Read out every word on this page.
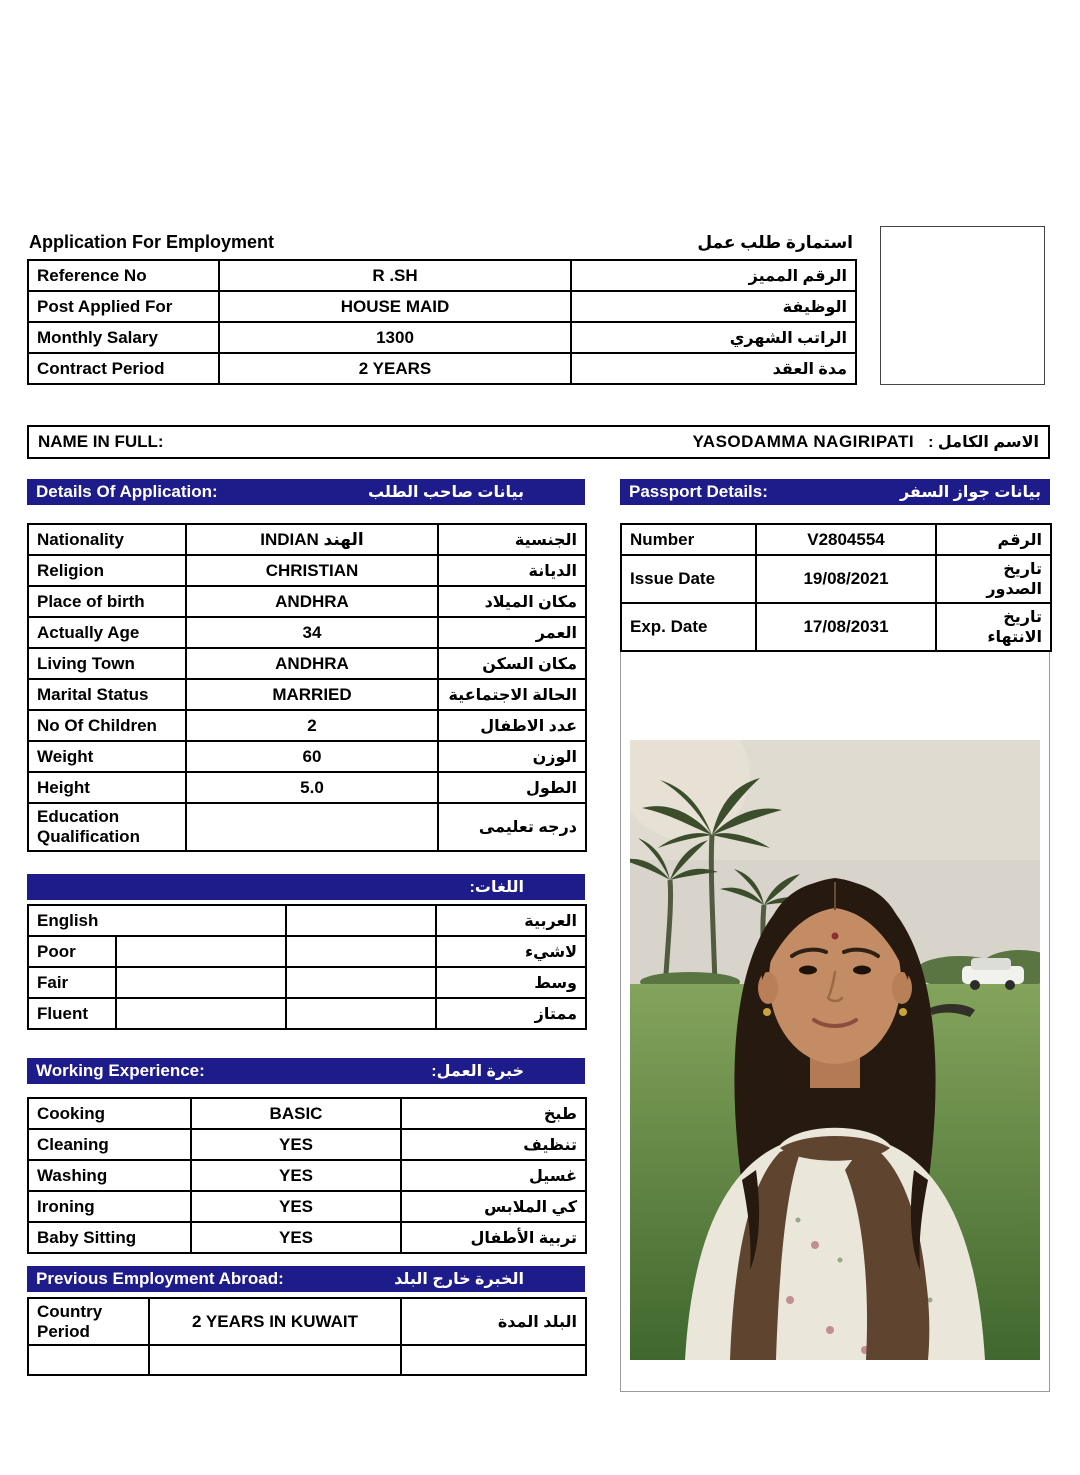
Application For Employment	استمارة طلب عمل
Reference No	R .SH	الرقم المميز
Post Applied For	HOUSE MAID	الوظيفة
Monthly Salary	1300	الراتب الشهري
Contract Period	2 YEARS	مدة العقد
NAME IN FULL:	YASODAMMA NAGIRIPATI : الاسم الكامل
Details Of Application:	بيانات صاحب الطلب
Nationality	INDIAN الهند	الجنسية
Religion	CHRISTIAN	الديانة
Place of birth	ANDHRA	مكان الميلاد
Actually Age	34	العمر
Living Town	ANDHRA	مكان السكن
Marital Status	MARRIED	الحالة الاجتماعية
No Of Children	2	عدد الاطفال
Weight	60	الوزن
Height	5.0	الطول
Education Qualification		درجه تعليمى
اللغات:
English			العربية
Poor			لاشيء
Fair			وسط
Fluent			ممتاز
Working Experience:	خبرة العمل:
Cooking	BASIC	طبخ
Cleaning	YES	تنظيف
Washing	YES	غسيل
Ironing	YES	كي الملابس
Baby Sitting	YES	تربية الأطفال
Previous Employment Abroad:	الخبرة خارج البلد
Country Period	2 YEARS IN KUWAIT	البلد المدة

Passport Details:	بيانات جواز السفر
Number	V2804554	الرقم
Issue Date	19/08/2021	تاريخ الصدور
Exp. Date	17/08/2031	تاريخ الانتهاء
